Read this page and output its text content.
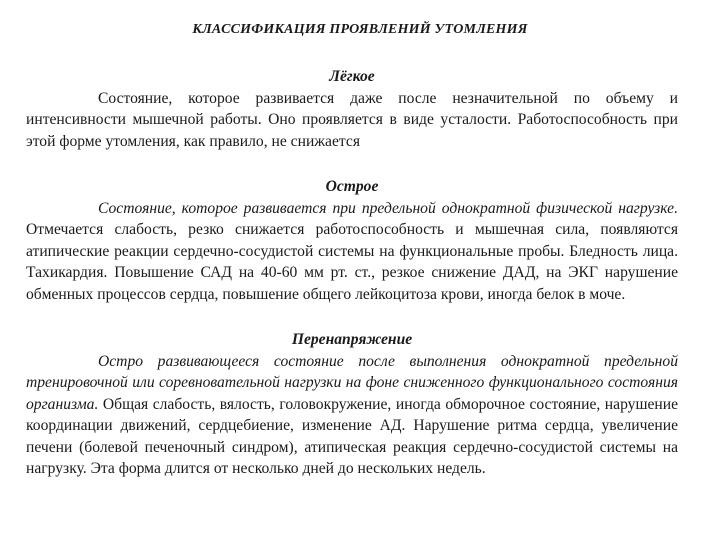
КЛАССИФИКАЦИЯ ПРОЯВЛЕНИЙ УТОМЛЕНИЯ
Лёгкое

Состояние, которое развивается даже после незначительной по объему и интенсивности мышечной работы. Оно проявляется в виде усталости. Работоспособность при этой форме утомления, как правило, не снижается

Острое

Состояние, которое развивается при предельной однократной физической нагрузке. Отмечается слабость, резко снижается работоспособность и мышечная сила, появляются атипические реакции сердечно-сосудистой системы на функциональные пробы. Бледность лица. Тахикардия. Повышение САД на 40-60 мм рт. ст., резкое снижение ДАД, на ЭКГ нарушение обменных процессов сердца, повышение общего лейкоцитоза крови, иногда белок в моче.

Перенапряжение

Остро развивающееся состояние после выполнения однократной предельной тренировочной или соревновательной нагрузки на фоне сниженного функционального состояния организма. Общая слабость, вялость, головокружение, иногда обморочное состояние, нарушение координации движений, сердцебиение, изменение АД. Нарушение ритма сердца, увеличение печени (болевой печеночный синдром), атипическая реакция сердечно-сосудистой системы на нагрузку. Эта форма длится от несколько дней до нескольких недель.
